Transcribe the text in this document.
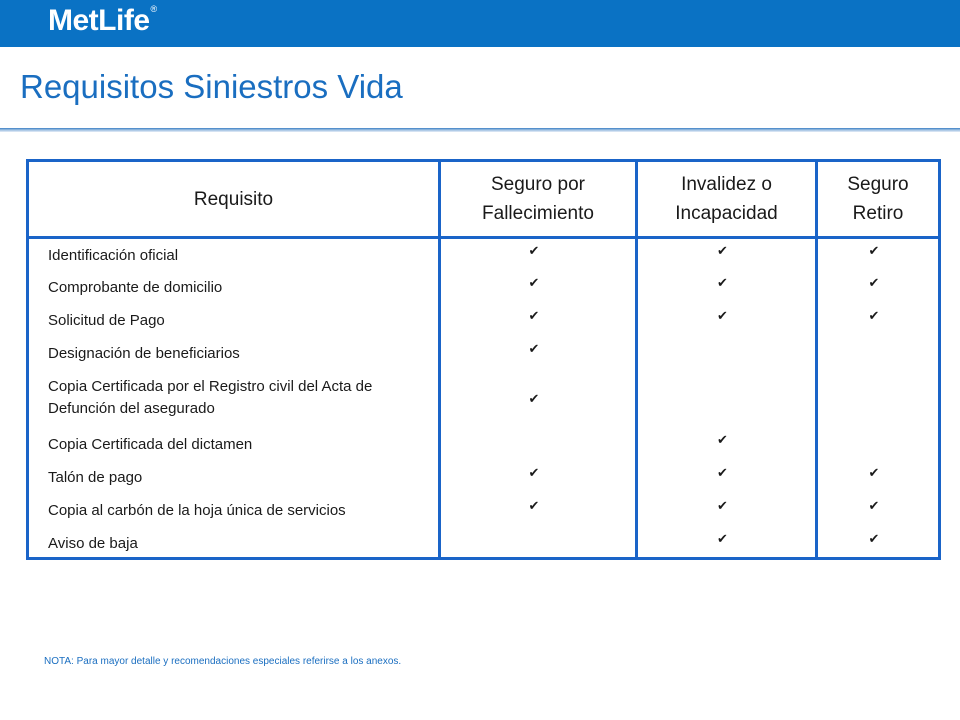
MetLife®
Requisitos Siniestros Vida
Requisito	Seguro por Fallecimiento	Invalidez o Incapacidad	Seguro Retiro
Identificación oficial	✔	✔	✔
Comprobante de domicilio	✔	✔	✔
Solicitud de Pago	✔	✔	✔
Designación de beneficiarios	✔		
Copia Certificada por el Registro civil del Acta de Defunción del asegurado	✔		
Copia Certificada del dictamen		✔	
Talón de pago	✔	✔	✔
Copia al carbón de la hoja única de servicios	✔	✔	✔
Aviso de baja		✔	✔
NOTA: Para mayor detalle y recomendaciones especiales referirse a los anexos.
